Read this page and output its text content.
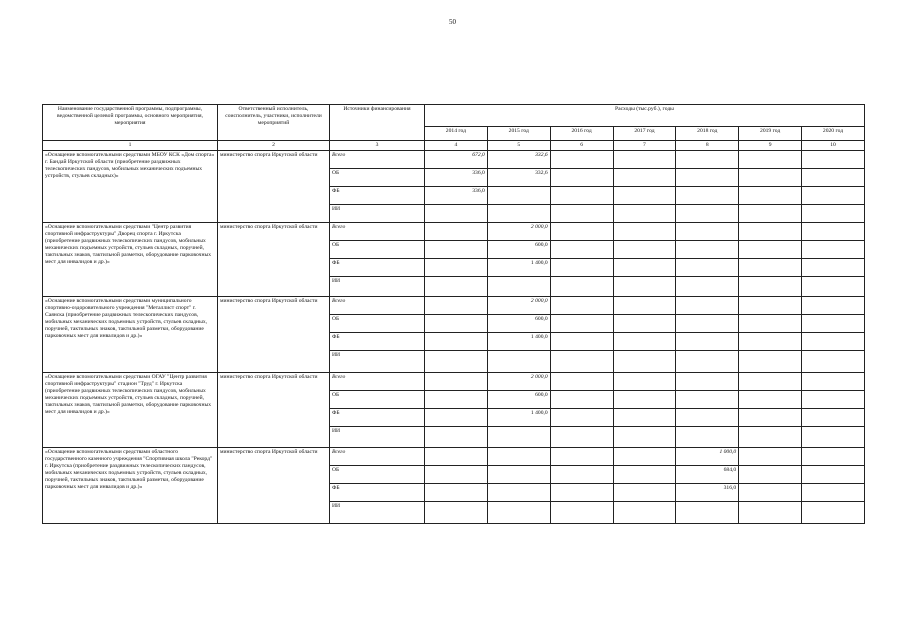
50
Наименование государственной программы, подпрограммы, ведомственной целевой программы, основного мероприятия, мероприятия	Ответственный исполнитель, соисполнитель, участники, исполнители мероприятий	Источники финансирования	Расходы (тыс.руб.), годы						
			2014 год	2015 год	2016 год	2017 год	2018 год	2019 год	2020 год
1	2	3	4	5	6	7	8	9	10
«Оснащение вспомогательными средствами МБОУ КСК «Дом спорта» г. Бандай Иркутской области (приобретение раздвижных телескопических пандусов, мобильных механических подъемных устройств, стульев складных)»	министерство спорта Иркутской области	Всего	672,0	332,6					
		ОБ	336,0	332,6					
		ФБ	336,0						
		ИИ							
«Оснащение вспомогательными средствами "Центр развития спортивной инфраструктуры" Дворец спорта г. Иркутска (приобретение раздвижных телескопических пандусов, мобильных механических подъемных устройств, стульев складных, поручней, тактильных знаков, тактильной разметки, оборудование парковочных мест для инвалидов и др.)»	министерство спорта Иркутской области	Всего		2 000,0					
		ОБ		600,0					
		ФБ		1 400,0					
		ИИ							
«Оснащение вспомогательными средствами муниципального спортивно-оздоровительного учреждения "Металлист спорт" г. Саянска (приобретение раздвижных телескопических пандусов, мобильных механических подъемных устройств, стульев складных, поручней, тактильных знаков, тактильной разметки, оборудование парковочных мест для инвалидов и др.)»	министерство спорта Иркутской области	Всего		2 000,0					
		ОБ		600,0					
		ФБ		1 400,0					
		ИИ							
«Оснащение вспомогательными средствами ОГАУ "Центр развития спортивной инфраструктуры" стадион "Труд" г. Иркутска (приобретение раздвижных телескопических пандусов, мобильных механических подъемных устройств, стульев складных, поручней, тактильных знаков, тактильной разметки, оборудование парковочных мест для инвалидов и др.)»	министерство спорта Иркутской области	Всего		2 000,0					
		ОБ		600,0					
		ФБ		1 400,0					
		ИИ							
«Оснащение вспомогательными средствами областного государственного казенного учреждения "Спортивная школа "Рекорд" г. Иркутска (приобретение раздвижных телескопических пандусов, мобильных механических подъемных устройств, стульев складных, поручней, тактильных знаков, тактильной разметки, оборудование парковочных мест для инвалидов и др.)»	министерство спорта Иркутской области	Всего					1 000,0		
		ОБ					684,0		
		ФБ					316,0		
		ИИ							
